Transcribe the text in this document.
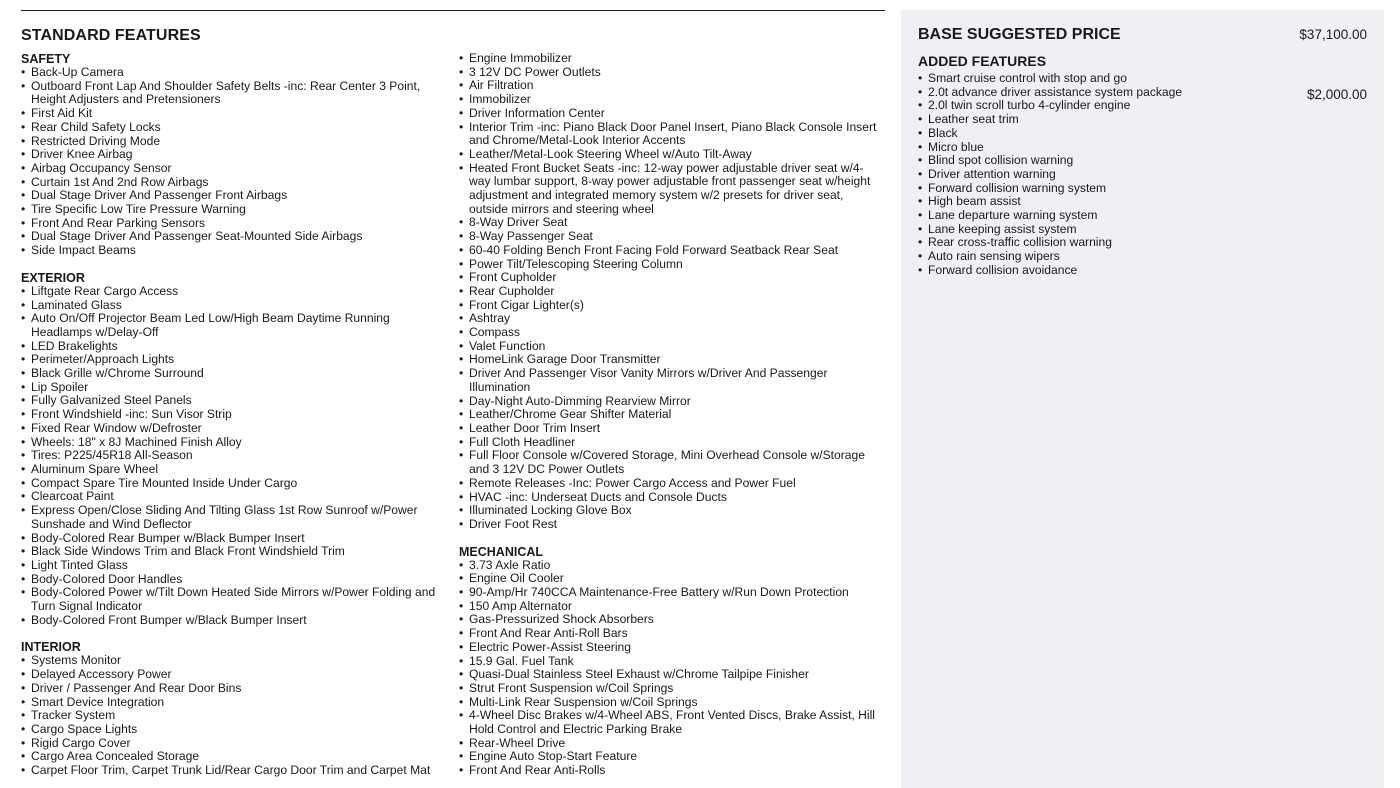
STANDARD FEATURES
SAFETY
• Back-Up Camera
• Outboard Front Lap And Shoulder Safety Belts -inc: Rear Center 3 Point, Height Adjusters and Pretensioners
• First Aid Kit
• Rear Child Safety Locks
• Restricted Driving Mode
• Driver Knee Airbag
• Airbag Occupancy Sensor
• Curtain 1st And 2nd Row Airbags
• Dual Stage Driver And Passenger Front Airbags
• Tire Specific Low Tire Pressure Warning
• Front And Rear Parking Sensors
• Dual Stage Driver And Passenger Seat-Mounted Side Airbags
• Side Impact Beams
EXTERIOR
• Liftgate Rear Cargo Access
• Laminated Glass
• Auto On/Off Projector Beam Led Low/High Beam Daytime Running Headlamps w/Delay-Off
• LED Brakelights
• Perimeter/Approach Lights
• Black Grille w/Chrome Surround
• Lip Spoiler
• Fully Galvanized Steel Panels
• Front Windshield -inc: Sun Visor Strip
• Fixed Rear Window w/Defroster
• Wheels: 18" x 8J Machined Finish Alloy
• Tires: P225/45R18 All-Season
• Aluminum Spare Wheel
• Compact Spare Tire Mounted Inside Under Cargo
• Clearcoat Paint
• Express Open/Close Sliding And Tilting Glass 1st Row Sunroof w/Power Sunshade and Wind Deflector
• Body-Colored Rear Bumper w/Black Bumper Insert
• Black Side Windows Trim and Black Front Windshield Trim
• Light Tinted Glass
• Body-Colored Door Handles
• Body-Colored Power w/Tilt Down Heated Side Mirrors w/Power Folding and Turn Signal Indicator
• Body-Colored Front Bumper w/Black Bumper Insert
INTERIOR
• Systems Monitor
• Delayed Accessory Power
• Driver / Passenger And Rear Door Bins
• Smart Device Integration
• Tracker System
• Cargo Space Lights
• Rigid Cargo Cover
• Cargo Area Concealed Storage
• Carpet Floor Trim, Carpet Trunk Lid/Rear Cargo Door Trim and Carpet Mat
• Engine Immobilizer
• 3 12V DC Power Outlets
• Air Filtration
• Immobilizer
• Driver Information Center
• Interior Trim -inc: Piano Black Door Panel Insert, Piano Black Console Insert and Chrome/Metal-Look Interior Accents
• Leather/Metal-Look Steering Wheel w/Auto Tilt-Away
• Heated Front Bucket Seats -inc: 12-way power adjustable driver seat w/4-way lumbar support, 8-way power adjustable front passenger seat w/height adjustment and integrated memory system w/2 presets for driver seat, outside mirrors and steering wheel
• 8-Way Driver Seat
• 8-Way Passenger Seat
• 60-40 Folding Bench Front Facing Fold Forward Seatback Rear Seat
• Power Tilt/Telescoping Steering Column
• Front Cupholder
• Rear Cupholder
• Front Cigar Lighter(s)
• Ashtray
• Compass
• Valet Function
• HomeLink Garage Door Transmitter
• Driver And Passenger Visor Vanity Mirrors w/Driver And Passenger Illumination
• Day-Night Auto-Dimming Rearview Mirror
• Leather/Chrome Gear Shifter Material
• Leather Door Trim Insert
• Full Cloth Headliner
• Full Floor Console w/Covered Storage, Mini Overhead Console w/Storage and 3 12V DC Power Outlets
• Remote Releases -Inc: Power Cargo Access and Power Fuel
• HVAC -inc: Underseat Ducts and Console Ducts
• Illuminated Locking Glove Box
• Driver Foot Rest
MECHANICAL
• 3.73 Axle Ratio
• Engine Oil Cooler
• 90-Amp/Hr 740CCA Maintenance-Free Battery w/Run Down Protection
• 150 Amp Alternator
• Gas-Pressurized Shock Absorbers
• Front And Rear Anti-Roll Bars
• Electric Power-Assist Steering
• 15.9 Gal. Fuel Tank
• Quasi-Dual Stainless Steel Exhaust w/Chrome Tailpipe Finisher
• Strut Front Suspension w/Coil Springs
• Multi-Link Rear Suspension w/Coil Springs
• 4-Wheel Disc Brakes w/4-Wheel ABS, Front Vented Discs, Brake Assist, Hill Hold Control and Electric Parking Brake
• Rear-Wheel Drive
• Engine Auto Stop-Start Feature
• Front And Rear Anti-Rolls
BASE SUGGESTED PRICE	$37,100.00
ADDED FEATURES
• Smart cruise control with stop and go
• 2.0t advance driver assistance system package
• 2.0l twin scroll turbo 4-cylinder engine
• Leather seat trim
• Black
• Micro blue
• Blind spot collision warning
• Driver attention warning
• Forward collision warning system
• High beam assist
• Lane departure warning system
• Lane keeping assist system
• Rear cross-traffic collision warning
• Auto rain sensing wipers
• Forward collision avoidance
$2,000.00
